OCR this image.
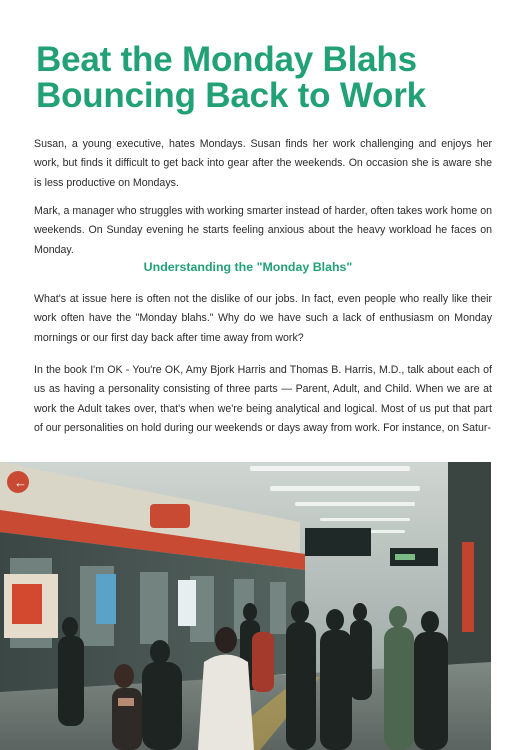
Beat the Monday Blahs
Bouncing Back to Work

Susan, a young executive, hates Mondays. Susan finds her work challenging and enjoys her work, but finds it difficult to get back into gear after the weekends. On occasion she is aware she is less productive on Mondays.

Mark, a manager who struggles with working smarter instead of harder, often takes work home on weekends. On Sunday evening he starts feeling anxious about the heavy workload he faces on Monday.

Understanding the "Monday Blahs"

What's at issue here is often not the dislike of our jobs. In fact, even people who really like their work often have the "Monday blahs." Why do we have such a lack of enthusiasm on Monday mornings or our first day back after time away from work?

In the book I'm OK - You're OK, Amy Bjork Harris and Thomas B. Harris, M.D., talk about each of us as having a personality consisting of three parts — Parent, Adult, and Child. When we are at work the Adult takes over, that's when we're being analytical and logical. Most of us put that part of our personalities on hold during our weekends or days away from work. For instance, on Satur-

←
